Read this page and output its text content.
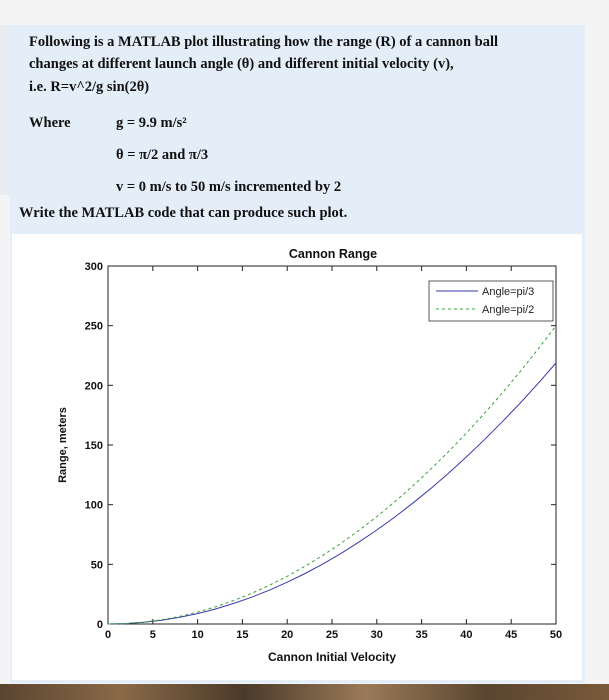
Following is a MATLAB plot illustrating how the range (R) of a cannon ball
changes at different launch angle (θ) and different initial velocity (v),
i.e. R=v^2/g sin(2θ)
Where	g = 9.9 m/s²
θ = π/2 and π/3
v = 0 m/s to 50 m/s incremented by 2
Write the MATLAB code that can produce such plot.
Cannon Range
0	5	10	15	20	25	30	35	40	45	50
0
50
100
150
200
250
300
Cannon Initial Velocity
Range, meters
Angle=pi/3
Angle=pi/2
